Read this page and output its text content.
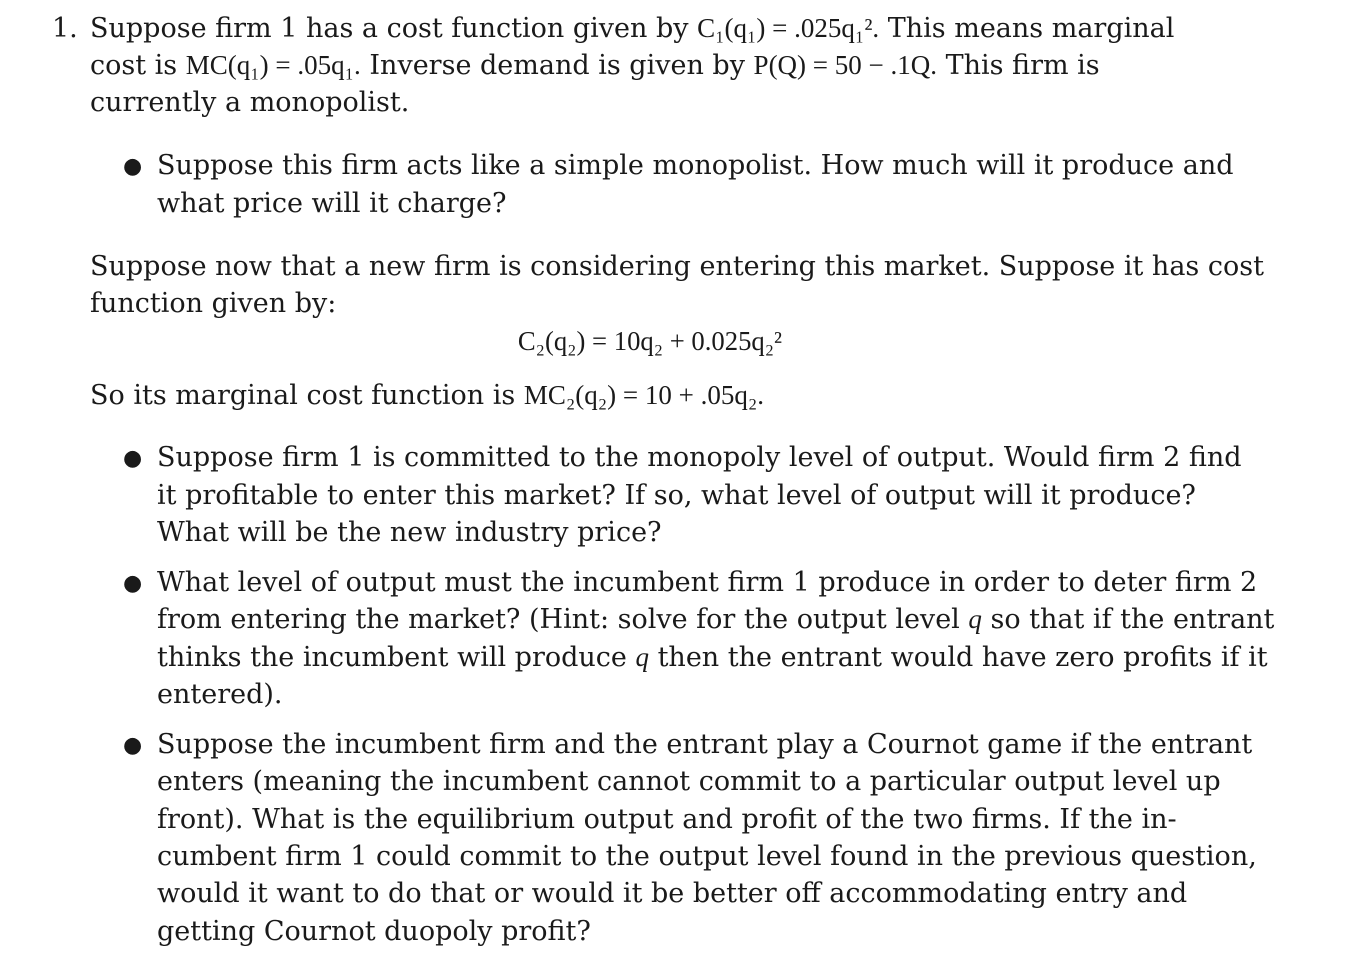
1. Suppose firm 1 has a cost function given by C₁(q₁) = .025q₁². This means marginal
cost is MC(q₁) = .05q₁. Inverse demand is given by P(Q) = 50 − .1Q. This firm is
currently a monopolist.
● Suppose this firm acts like a simple monopolist. How much will it produce and
what price will it charge?
Suppose now that a new firm is considering entering this market. Suppose it has cost
function given by:
C₂(q₂) = 10q₂ + 0.025q₂²
So its marginal cost function is MC₂(q₂) = 10 + .05q₂.
● Suppose firm 1 is committed to the monopoly level of output. Would firm 2 find
it profitable to enter this market? If so, what level of output will it produce?
What will be the new industry price?
● What level of output must the incumbent firm 1 produce in order to deter firm 2
from entering the market? (Hint: solve for the output level q so that if the entrant
thinks the incumbent will produce q then the entrant would have zero profits if it
entered).
● Suppose the incumbent firm and the entrant play a Cournot game if the entrant
enters (meaning the incumbent cannot commit to a particular output level up
front). What is the equilibrium output and profit of the two firms. If the in-
cumbent firm 1 could commit to the output level found in the previous question,
would it want to do that or would it be better off accommodating entry and
getting Cournot duopoly profit?
